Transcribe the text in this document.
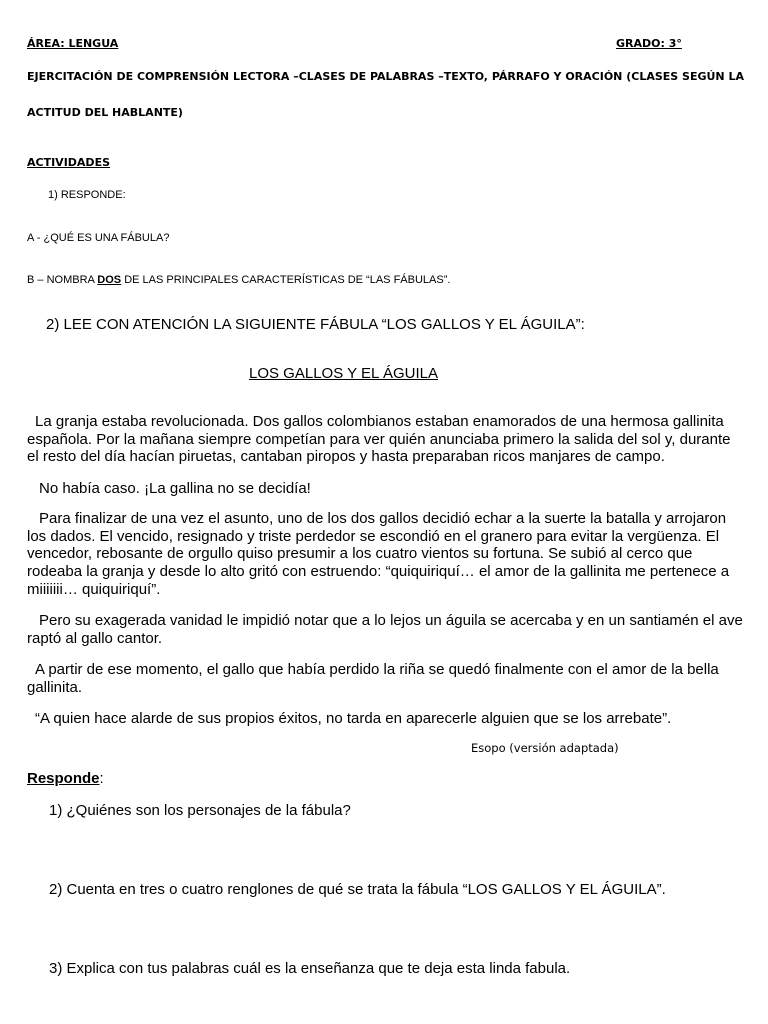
ÁREA: LENGUA	GRADO: 3°
EJERCITACIÓN DE COMPRENSIÓN LECTORA –CLASES DE PALABRAS –TEXTO, PÁRRAFO Y ORACIÓN (CLASES SEGÚN LA
ACTITUD DEL HABLANTE)
ACTIVIDADES
1) RESPONDE:
A - ¿QUÉ ES UNA FÁBULA?
B – NOMBRA DOS DE LAS PRINCIPALES CARACTERÍSTICAS DE “LAS FÁBULAS”.
2) LEE CON ATENCIÓN LA SIGUIENTE FÁBULA “LOS GALLOS Y EL ÁGUILA”:
LOS GALLOS Y EL ÁGUILA
La granja estaba revolucionada. Dos gallos colombianos estaban enamorados de una hermosa gallinita española. Por la mañana siempre competían para ver quién anunciaba primero la salida del sol y, durante el resto del día hacían piruetas, cantaban piropos y hasta preparaban ricos manjares de campo.
No había caso. ¡La gallina no se decidía!
Para finalizar de una vez el asunto, uno de los dos gallos decidió echar a la suerte la batalla y arrojaron los dados. El vencido, resignado y triste perdedor se escondió en el granero para evitar la vergüenza. El vencedor, rebosante de orgullo quiso presumir a los cuatro vientos su fortuna. Se subió al cerco que rodeaba la granja y desde lo alto gritó con estruendo: “quiquiriquí… el amor de la gallinita me pertenece a miiiiiii… quiquiriquí”.
Pero su exagerada vanidad le impidió notar que a lo lejos un águila se acercaba y en un santiamén el ave raptó al gallo cantor.
A partir de ese momento, el gallo que había perdido la riña se quedó finalmente con el amor de la bella gallinita.
“A quien hace alarde de sus propios éxitos, no tarda en aparecerle alguien que se los arrebate”.
Esopo (versión adaptada)
Responde:
1) ¿Quiénes son los personajes de la fábula?
2) Cuenta en tres o cuatro renglones de qué se trata la fábula “LOS GALLOS Y EL ÁGUILA”.
3) Explica con tus palabras cuál es la enseñanza que te deja esta linda fabula.
